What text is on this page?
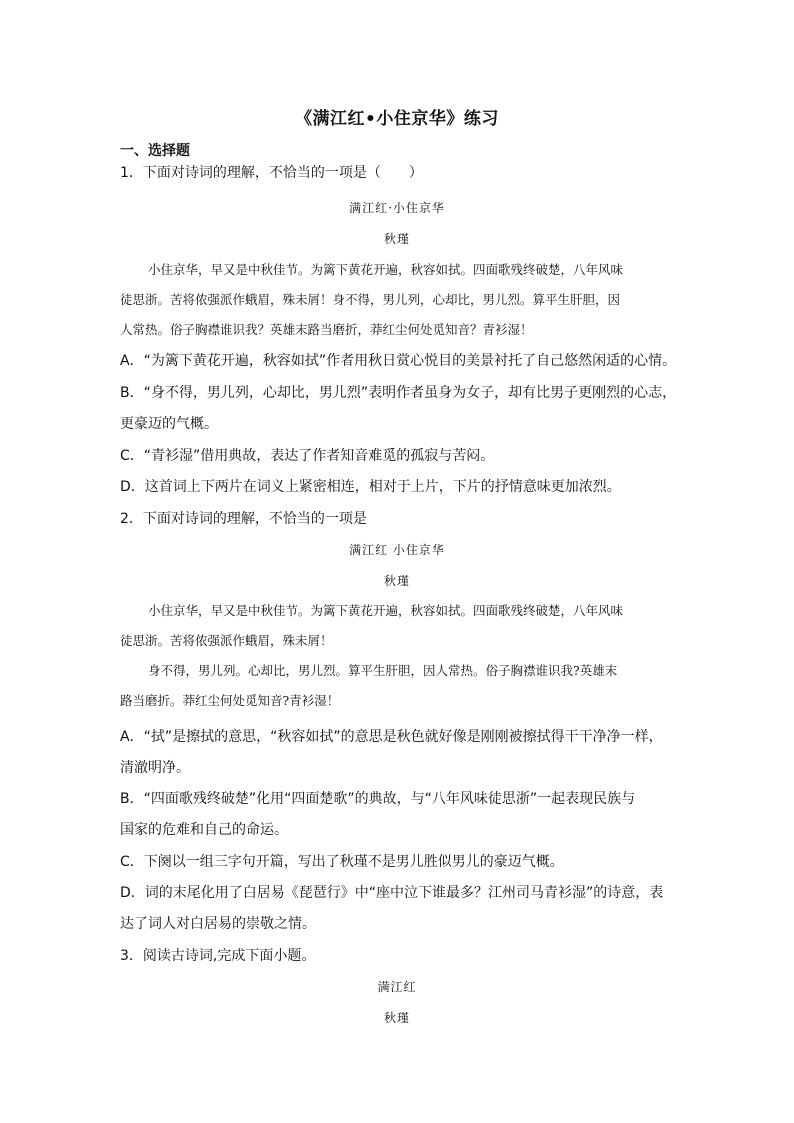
《满江红•小住京华》练习
一、选择题
1．下面对诗词的理解，不恰当的一项是（　　）
满江红·小住京华
秋瑾
小住京华，早又是中秋佳节。为篱下黄花开遍，秋容如拭。四面歌残终破楚，八年风味
徒思浙。苦将侬强派作蛾眉，殊未屑！身不得，男儿列，心却比，男儿烈。算平生肝胆，因
人常热。俗子胸襟谁识我？英雄末路当磨折，莽红尘何处觅知音？青衫湿！
A．“为篱下黄花开遍，秋容如拭”作者用秋日赏心悦目的美景衬托了自己悠然闲适的心情。
B．“身不得，男儿列，心却比，男儿烈”表明作者虽身为女子，却有比男子更刚烈的心志，
更豪迈的气概。
C．“青衫湿”借用典故，表达了作者知音难觅的孤寂与苦闷。
D．这首词上下两片在词义上紧密相连，相对于上片，下片的抒情意味更加浓烈。
2．下面对诗词的理解，不恰当的一项是
满江红 小住京华
秋瑾
小住京华，早又是中秋佳节。为篱下黄花开遍，秋容如拭。四面歌残终破楚，八年风味
徒思浙。苦将侬强派作蛾眉，殊未屑！
身不得，男儿列。心却比，男儿烈。算平生肝胆，因人常热。俗子胸襟谁识我?英雄末
路当磨折。莽红尘何处觅知音?青衫湿！
A．“拭”是擦拭的意思，“秋容如拭”的意思是秋色就好像是刚刚被擦拭得干干净净一样，
清澈明净。
B．“四面歌残终破楚”化用“四面楚歌”的典故，与“八年风味徒思浙”一起表现民族与
国家的危难和自己的命运。
C．下阕以一组三字句开篇，写出了秋瑾不是男儿胜似男儿的豪迈气概。
D．词的末尾化用了白居易《琵琶行》中“座中泣下谁最多？江州司马青衫湿”的诗意，表
达了词人对白居易的崇敬之情。
3．阅读古诗词,完成下面小题。
满江红
秋瑾
